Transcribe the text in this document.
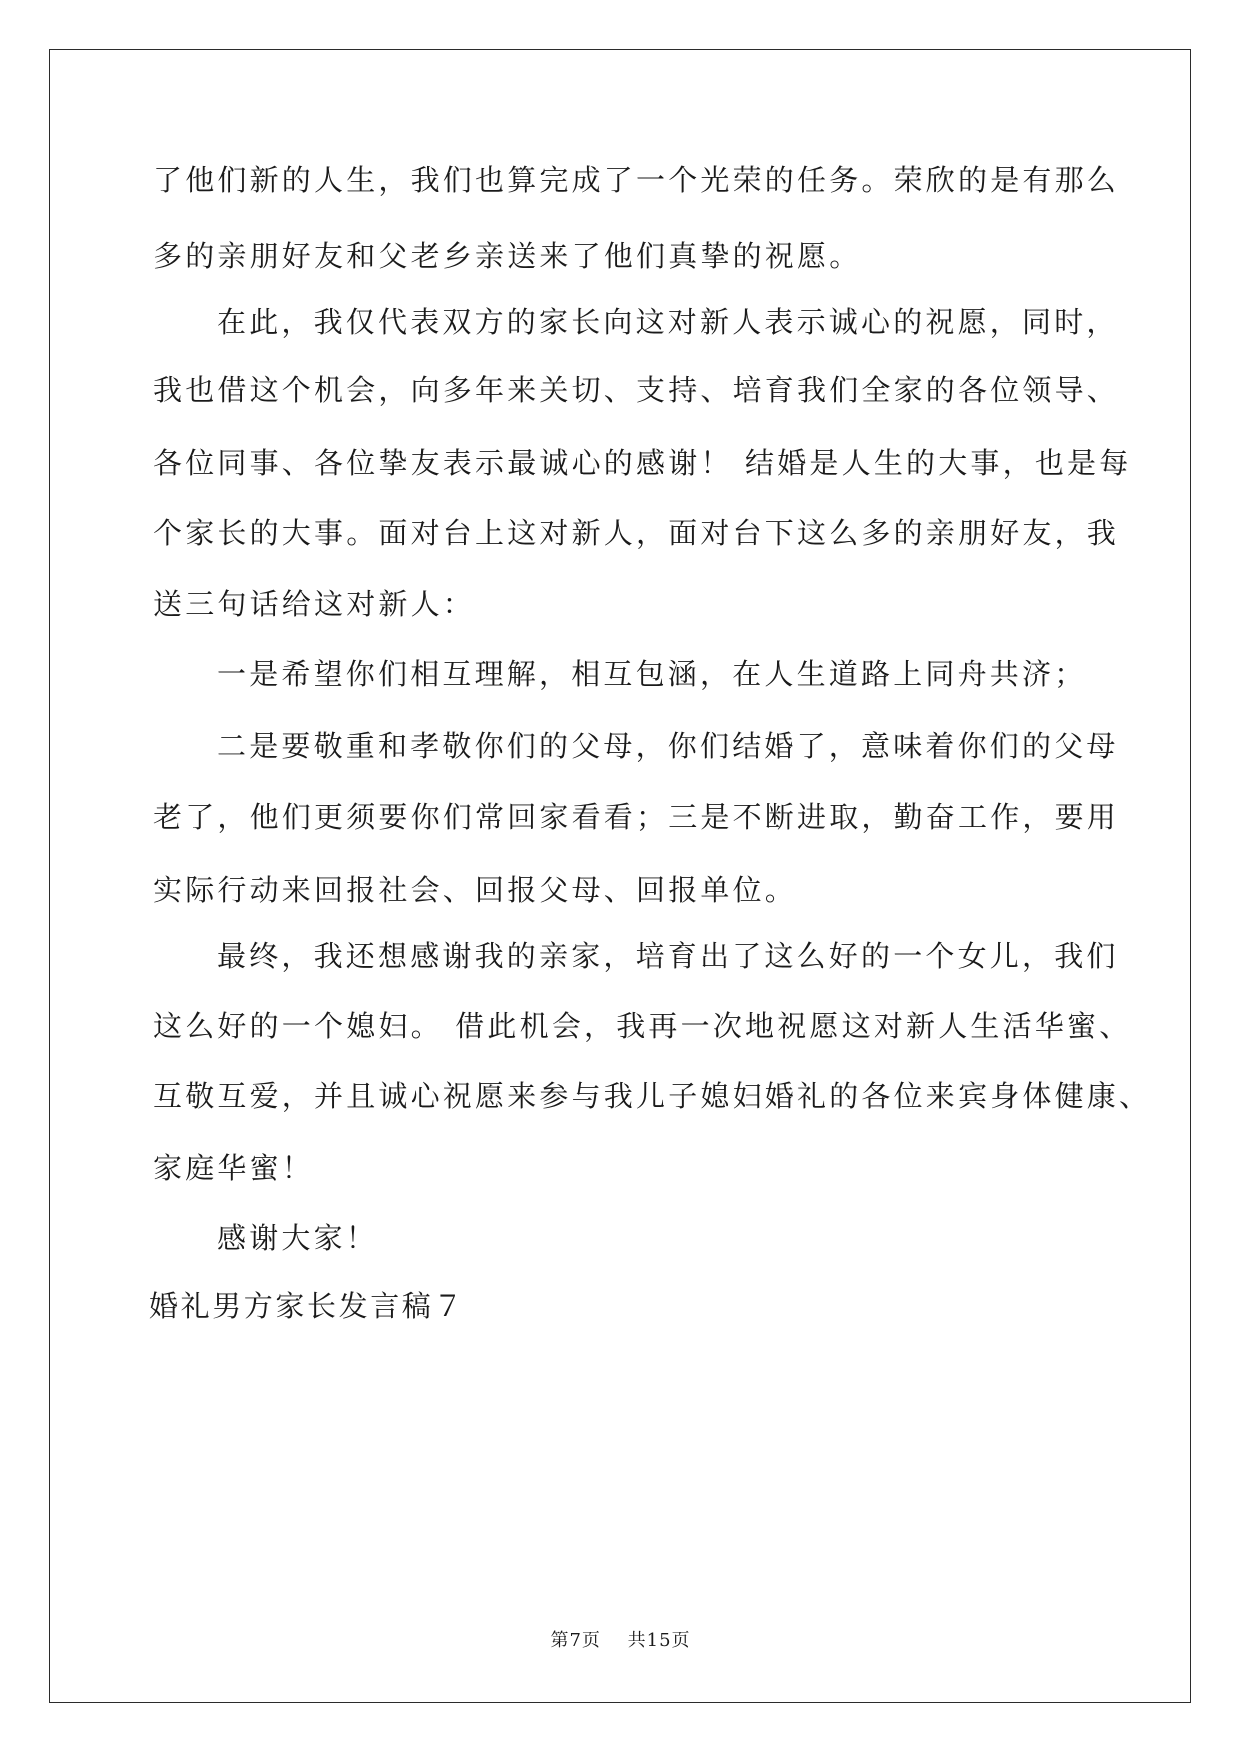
了他们新的人生，我们也算完成了一个光荣的任务。荣欣的是有那么
多的亲朋好友和父老乡亲送来了他们真挚的祝愿。
在此，我仅代表双方的家长向这对新人表示诚心的祝愿，同时，
我也借这个机会，向多年来关切、支持、培育我们全家的各位领导、
各位同事、各位挚友表示最诚心的感谢！ 结婚是人生的大事，也是每
个家长的大事。面对台上这对新人，面对台下这么多的亲朋好友，我
送三句话给这对新人：
一是希望你们相互理解，相互包涵，在人生道路上同舟共济；
二是要敬重和孝敬你们的父母，你们结婚了，意味着你们的父母
老了，他们更须要你们常回家看看；三是不断进取，勤奋工作，要用
实际行动来回报社会、回报父母、回报单位。
最终，我还想感谢我的亲家，培育出了这么好的一个女儿，我们
这么好的一个媳妇。 借此机会，我再一次地祝愿这对新人生活华蜜、
互敬互爱，并且诚心祝愿来参与我儿子媳妇婚礼的各位来宾身体健康、
家庭华蜜！
感谢大家！
婚礼男方家长发言稿７
第7页 共15页
